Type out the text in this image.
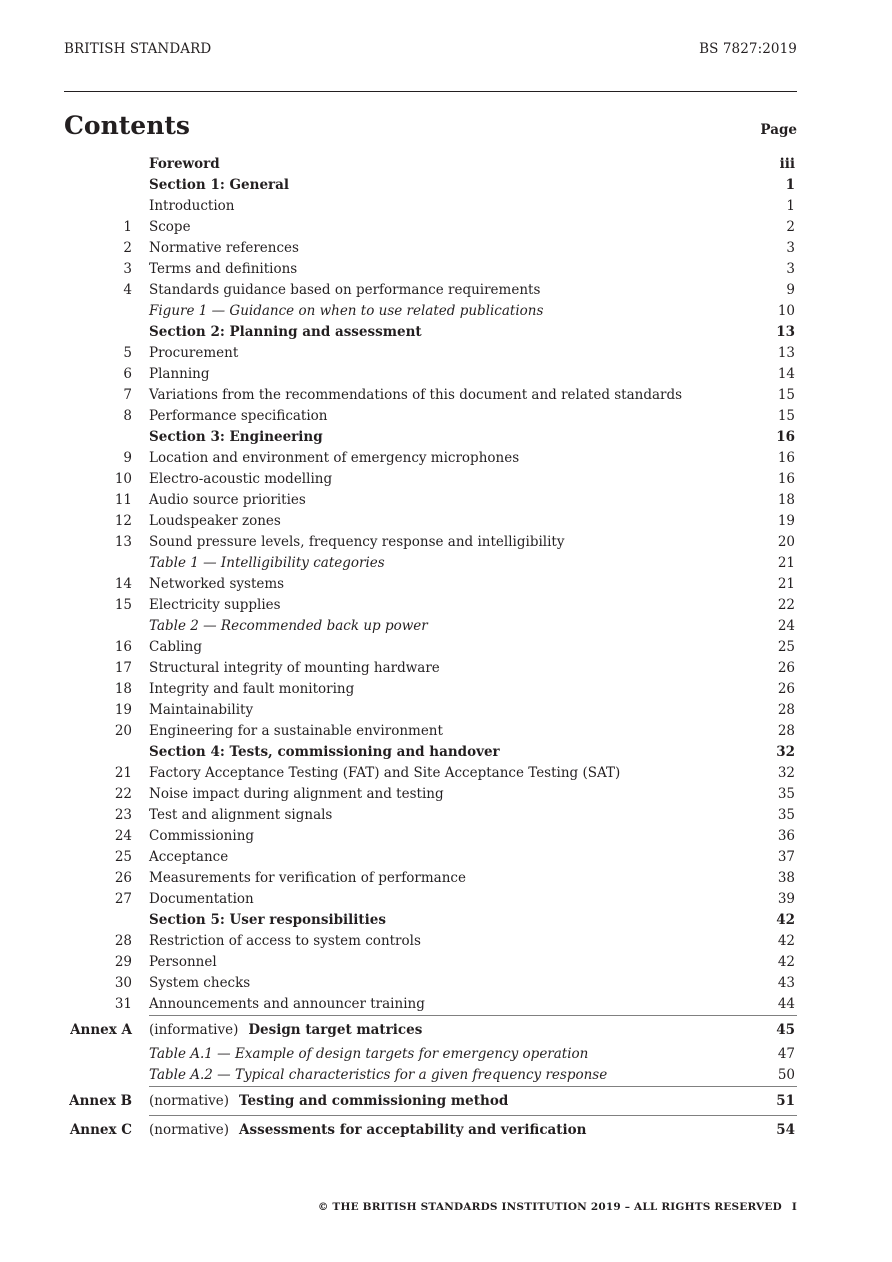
BRITISH STANDARD	BS 7827:2019
Contents	Page
Foreword	iii
Section 1: General	1
Introduction	1
1	Scope	2
2	Normative references	3
3	Terms and definitions	3
4	Standards guidance based on performance requirements	9
Figure 1 — Guidance on when to use related publications	10
Section 2: Planning and assessment	13
5	Procurement	13
6	Planning	14
7	Variations from the recommendations of this document and related standards	15
8	Performance specification	15
Section 3: Engineering	16
9	Location and environment of emergency microphones	16
10	Electro-acoustic modelling	16
11	Audio source priorities	18
12	Loudspeaker zones	19
13	Sound pressure levels, frequency response and intelligibility	20
Table 1 — Intelligibility categories	21
14	Networked systems	21
15	Electricity supplies	22
Table 2 — Recommended back up power	24
16	Cabling	25
17	Structural integrity of mounting hardware	26
18	Integrity and fault monitoring	26
19	Maintainability	28
20	Engineering for a sustainable environment	28
Section 4: Tests, commissioning and handover	32
21	Factory Acceptance Testing (FAT) and Site Acceptance Testing (SAT)	32
22	Noise impact during alignment and testing	35
23	Test and alignment signals	35
24	Commissioning	36
25	Acceptance	37
26	Measurements for verification of performance	38
27	Documentation	39
Section 5: User responsibilities	42
28	Restriction of access to system controls	42
29	Personnel	42
30	System checks	43
31	Announcements and announcer training	44
Annex A	(informative) Design target matrices	45
Table A.1 — Example of design targets for emergency operation	47
Table A.2 — Typical characteristics for a given frequency response	50
Annex B	(normative) Testing and commissioning method	51
Annex C	(normative) Assessments for acceptability and verification	54
© THE BRITISH STANDARDS INSTITUTION 2019 – ALL RIGHTS RESERVED I
